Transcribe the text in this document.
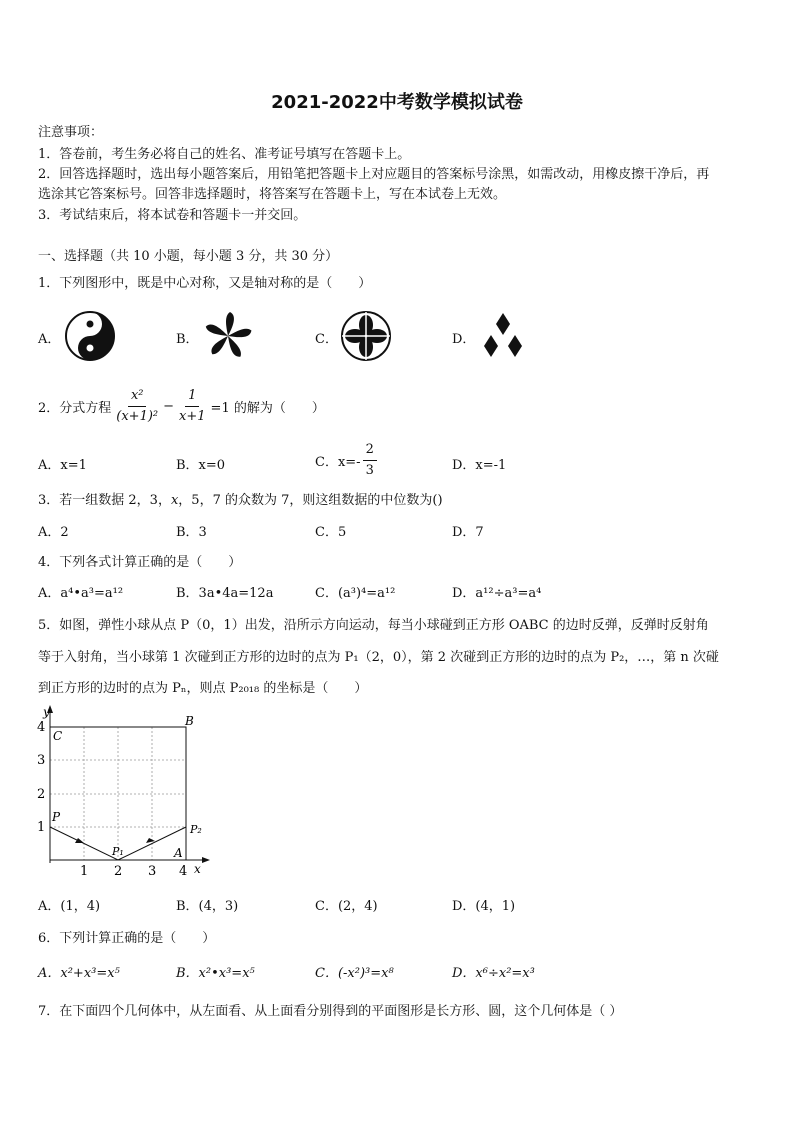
2021-2022中考数学模拟试卷
注意事项：
1．答卷前，考生务必将自己的姓名、准考证号填写在答题卡上。
2．回答选择题时，选出每小题答案后，用铅笔把答题卡上对应题目的答案标号涂黑，如需改动，用橡皮擦干净后，再
选涂其它答案标号。回答非选择题时，将答案写在答题卡上，写在本试卷上无效。
3．考试结束后，将本试卷和答题卡一并交回。
一、选择题（共 10 小题，每小题 3 分，共 30 分）
1．下列图形中，既是中心对称，又是轴对称的是（　　）
A．	B．	C．	D．
2．分式方程 $\frac{\text{x²}}{\text{(x+1)²}} - \frac{1}{x+1} =1$ 的解为（　　）
A．x=1	B．x=0	C．$x=- \frac{2}{3}$	D．x=-1
3．若一组数据 2，3，x，5，7 的众数为 7，则这组数据的中位数为()
A．2	B．3	C．5	D．7
4．下列各式计算正确的是（　　）
A．a⁴•a³=a¹²	B．3a•4a=12a	C．(a³)⁴=a¹²	D．a¹²÷a³=a⁴
5．如图，弹性小球从点 P（0，1）出发，沿所示方向运动，每当小球碰到正方形 OABC 的边时反弹，反弹时反射角
等于入射角，当小球第 1 次碰到正方形的边时的点为 P₁（2，0），第 2 次碰到正方形的边时的点为 P₂，…，第 n 次碰
到正方形的边时的点为 Pₙ，则点 P₂₀₁₈ 的坐标是（　　）
y
x
1
2
3
4
1 2 3 4
C
B
P
P₁	A
P₂
A．(1，4)	B．(4，3)	C．(2，4)	D．(4，1)
6．下列计算正确的是（　　）
A．x²+x³=x⁵	B．x²•x³=x⁵	C．(-x²)³=x⁸	D．x⁶÷x²=x³
7．在下面四个几何体中，从左面看、从上面看分别得到的平面图形是长方形、圆，这个几何体是（ ）
